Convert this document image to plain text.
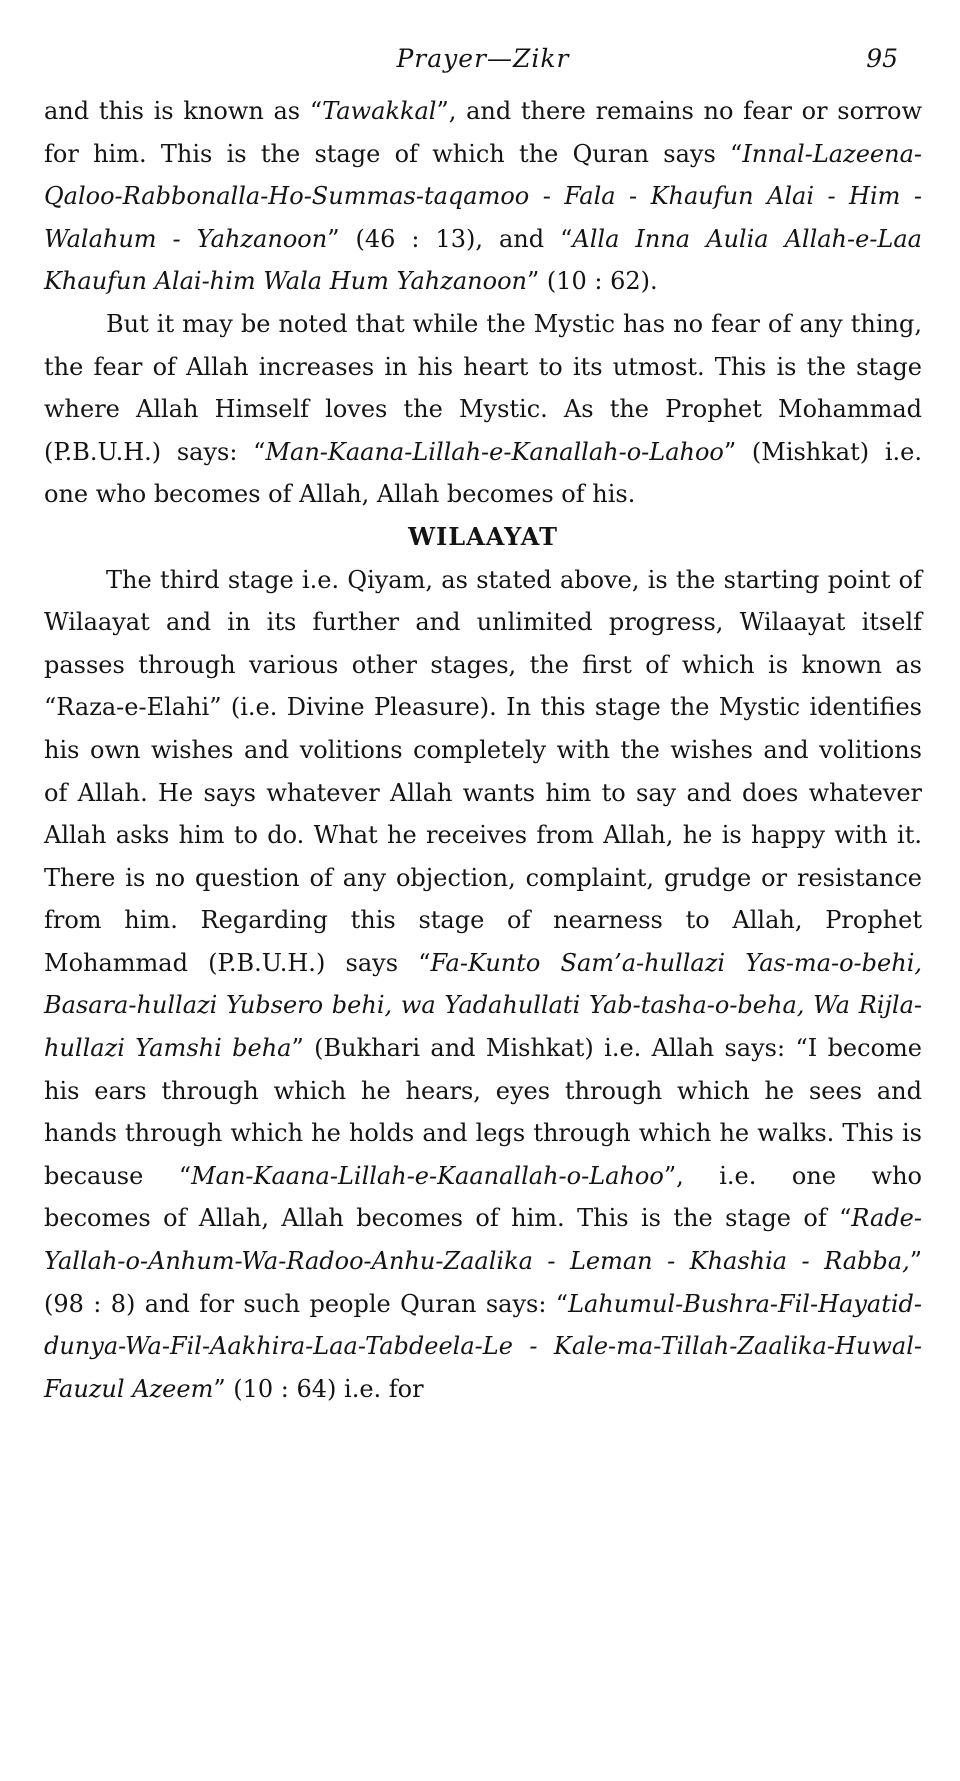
Prayer—Zikr	95

and this is known as “Tawakkal”, and there remains no fear or sorrow for him. This is the stage of which the Quran says “Innal-Lazeena-Qaloo-Rabbonalla-Ho-Summas-taqamoo - Fala - Khaufun Alai - Him - Walahum - Yahzanoon” (46 : 13), and “Alla Inna Aulia Allah-e-Laa Khaufun Alai-him Wala Hum Yahzanoon” (10 : 62).

But it may be noted that while the Mystic has no fear of any thing, the fear of Allah increases in his heart to its utmost. This is the stage where Allah Himself loves the Mystic. As the Prophet Mohammad (P.B.U.H.) says: “Man-Kaana-Lillah-e-Kanallah-o-Lahoo” (Mishkat) i.e. one who becomes of Allah, Allah becomes of his.

WILAAYAT

The third stage i.e. Qiyam, as stated above, is the starting point of Wilaayat and in its further and unlimited progress, Wilaayat itself passes through various other stages, the first of which is known as “Raza-e-Elahi” (i.e. Divine Pleasure). In this stage the Mystic identifies his own wishes and volitions completely with the wishes and volitions of Allah. He says whatever Allah wants him to say and does whatever Allah asks him to do. What he receives from Allah, he is happy with it. There is no question of any objection, complaint, grudge or resistance from him. Regarding this stage of nearness to Allah, Prophet Mohammad (P.B.U.H.) says “Fa-Kunto Sam’a-hullazi Yas-ma-o-behi, Basara-hullazi Yubsero behi, wa Yadahullati Yab-tasha-o-beha, Wa Rijla-hullazi Yamshi beha” (Bukhari and Mishkat) i.e. Allah says: “I become his ears through which he hears, eyes through which he sees and hands through which he holds and legs through which he walks. This is because “Man-Kaana-Lillah-e-Kaanallah-o-Lahoo”, i.e. one who becomes of Allah, Allah becomes of him. This is the stage of “Rade-Yallah-o-Anhum-Wa-Radoo-Anhu-Zaalika - Leman - Khashia - Rabba,” (98 : 8) and for such people Quran says: “Lahumul-Bushra-Fil-Hayatid-dunya-Wa-Fil-Aakhira-Laa-Tabdeela-Le - Kale-ma-Tillah-Zaalika-Huwal-Fauzul Azeem” (10 : 64) i.e. for
